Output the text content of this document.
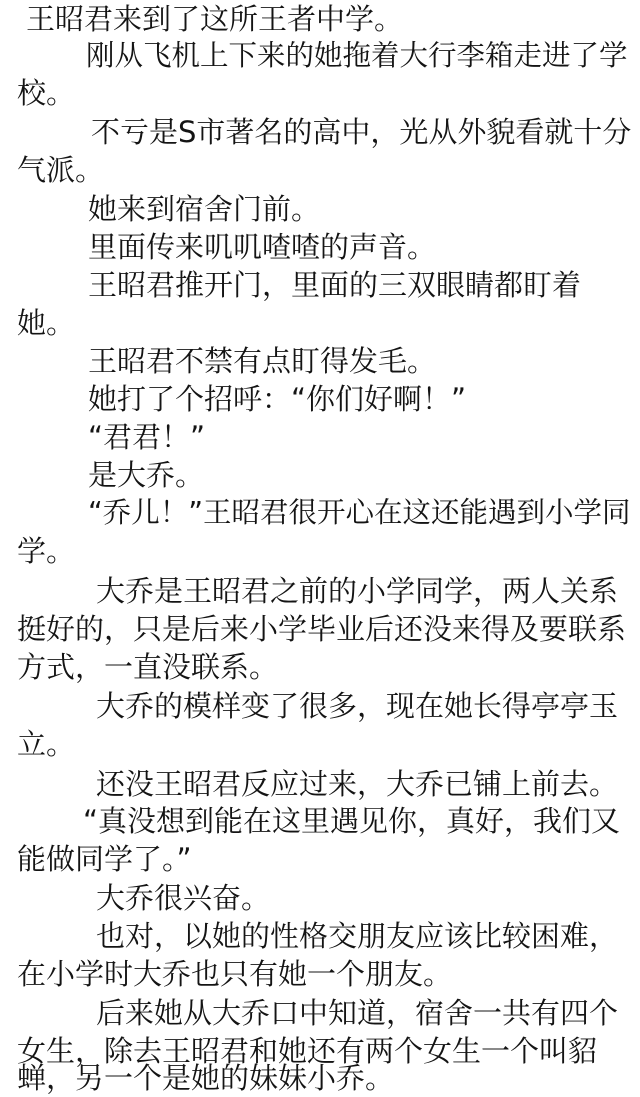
王昭君来到了这所王者中学。
刚从飞机上下来的她拖着大行李箱走进了学
校。
不亏是S市著名的高中，光从外貌看就十分
气派。
她来到宿舍门前。
里面传来叽叽喳喳的声音。
王昭君推开门，里面的三双眼睛都盯着
她。
王昭君不禁有点盯得发毛。
她打了个招呼：“你们好啊！”
“君君！”
是大乔。
“乔儿！”王昭君很开心在这还能遇到小学同
学。
大乔是王昭君之前的小学同学，两人关系
挺好的，只是后来小学毕业后还没来得及要联系
方式，一直没联系。
大乔的模样变了很多，现在她长得亭亭玉
立。
还没王昭君反应过来，大乔已铺上前去。
“真没想到能在这里遇见你，真好，我们又
能做同学了。”
大乔很兴奋。
也对，以她的性格交朋友应该比较困难，
在小学时大乔也只有她一个朋友。
后来她从大乔口中知道，宿舍一共有四个
女生，除去王昭君和她还有两个女生一个叫貂
蝉，另一个是她的妹妹小乔。
